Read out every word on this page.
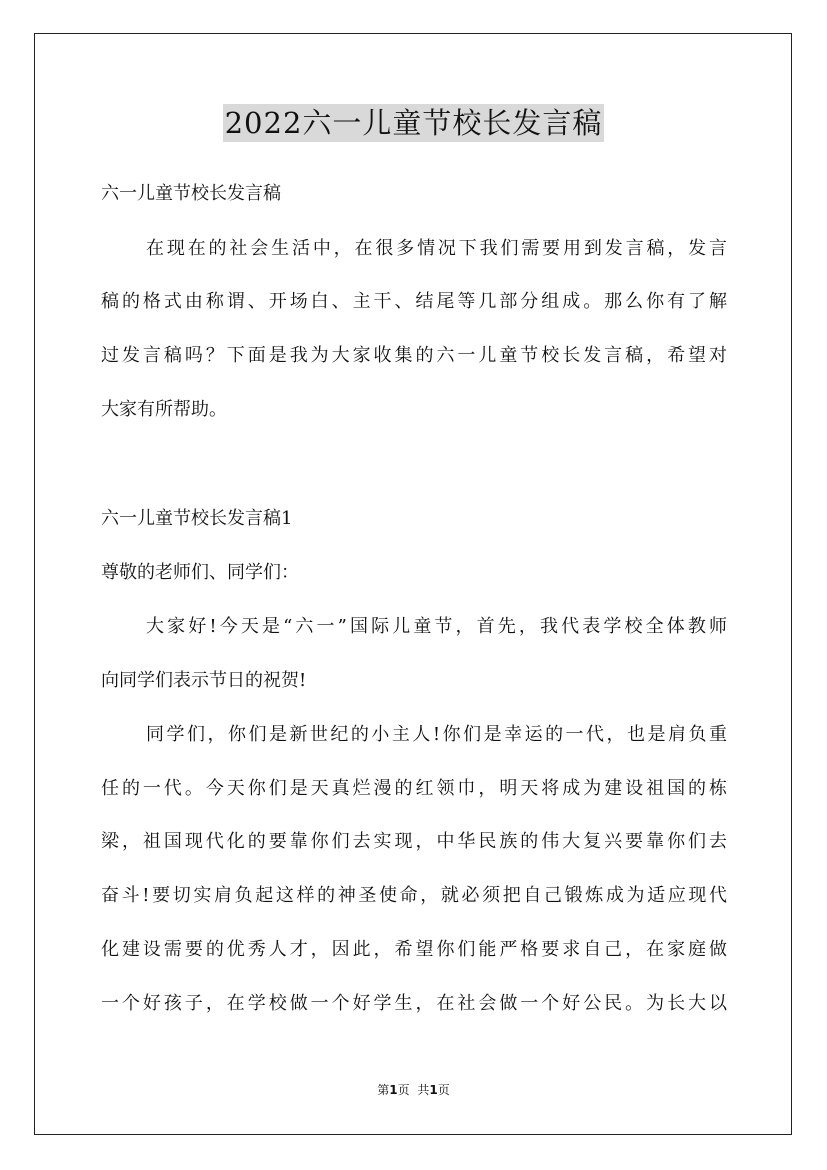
2022六一儿童节校长发言稿
六一儿童节校长发言稿
在现在的社会生活中，在很多情况下我们需要用到发言稿，发言
稿的格式由称谓、开场白、主干、结尾等几部分组成。那么你有了解
过发言稿吗？下面是我为大家收集的六一儿童节校长发言稿，希望对
大家有所帮助。
六一儿童节校长发言稿1
尊敬的老师们、同学们：
大家好!今天是“六一”国际儿童节，首先，我代表学校全体教师
向同学们表示节日的祝贺!
同学们，你们是新世纪的小主人!你们是幸运的一代，也是肩负重
任的一代。今天你们是天真烂漫的红领巾，明天将成为建设祖国的栋
梁，祖国现代化的要靠你们去实现，中华民族的伟大复兴要靠你们去
奋斗!要切实肩负起这样的神圣使命，就必须把自己锻炼成为适应现代
化建设需要的优秀人才，因此，希望你们能严格要求自己，在家庭做
一个好孩子，在学校做一个好学生，在社会做一个好公民。为长大以
第1页 共1页
